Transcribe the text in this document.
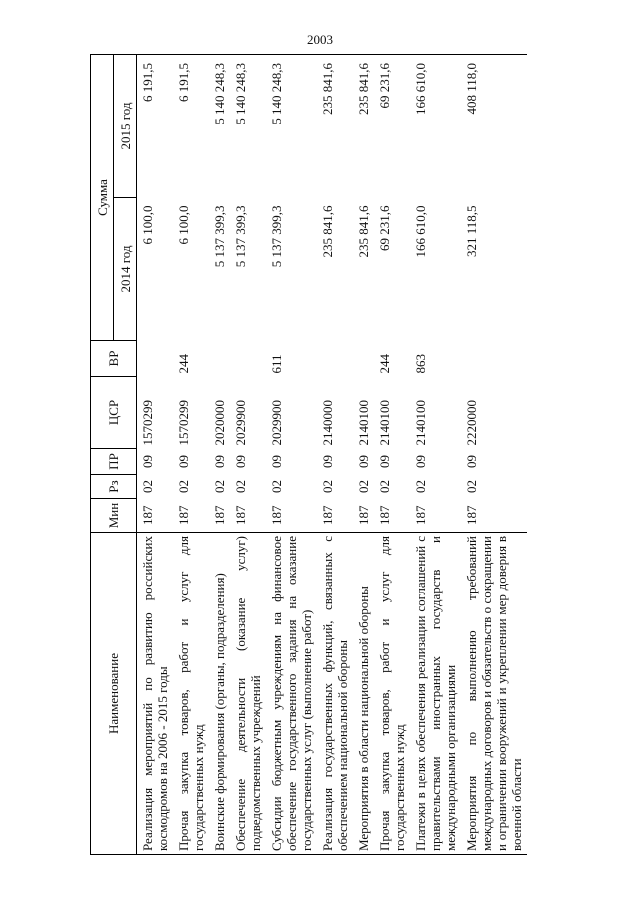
2003
Наименование	Мин	Рз	ПР	ЦСР	ВР	Сумма	
						2014 год	2015 год
Реализация мероприятий по развитию российских космодромов на 2006 - 2015 годы	187	02	09	1570299		6 100,0	6 191,5
Прочая закупка товаров, работ и услуг для государственных нужд	187	02	09	1570299	244	6 100,0	6 191,5
Воинские формирования (органы, подразделения)	187	02	09	2020000		5 137 399,3	5 140 248,3
Обеспечение деятельности (оказание услуг) подведомственных учреждений	187	02	09	2029900		5 137 399,3	5 140 248,3
Субсидии бюджетным учреждениям на финансовое обеспечение государственного задания на оказание государственных услуг (выполнение работ)	187	02	09	2029900	611	5 137 399,3	5 140 248,3
Реализация государственных функций, связанных с обеспечением национальной обороны	187	02	09	2140000		235 841,6	235 841,6
Мероприятия в области национальной обороны	187	02	09	2140100		235 841,6	235 841,6
Прочая закупка товаров, работ и услуг для государственных нужд	187	02	09	2140100	244	69 231,6	69 231,6
Платежи в целях обеспечения реализации соглашений с правительствами иностранных государств и международными организациями	187	02	09	2140100	863	166 610,0	166 610,0
Мероприятия по выполнению требований международных договоров и обязательств о сокращении и ограничении вооружений и укреплении мер доверия в военной области	187	02	09	2220000		321 118,5	408 118,0
